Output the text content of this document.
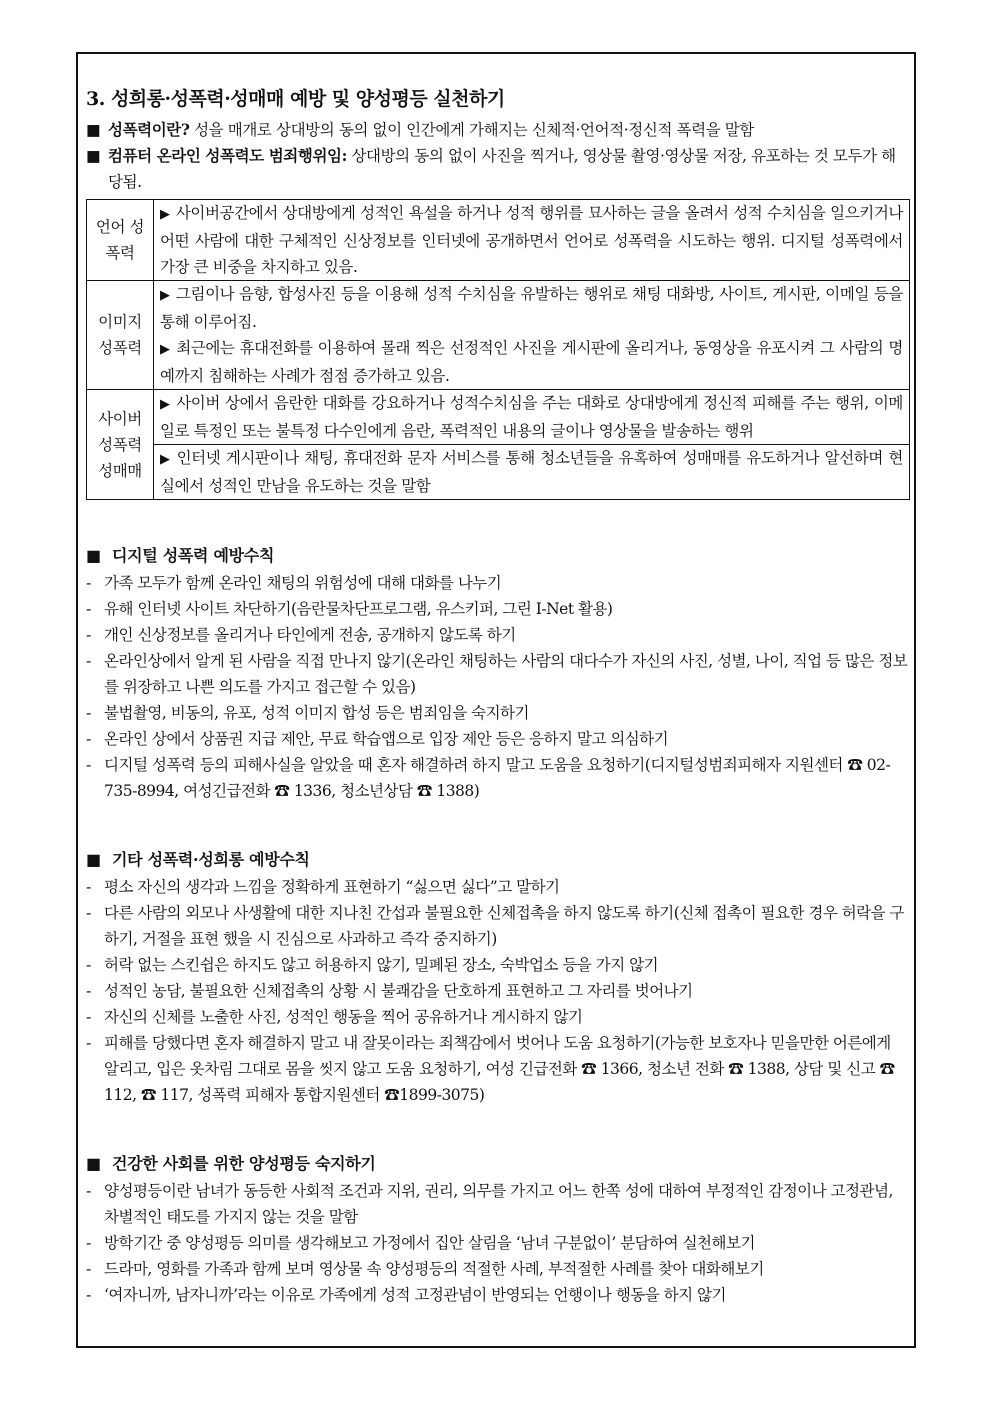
3. 성희롱·성폭력·성매매 예방 및 양성평등 실천하기
■ 성폭력이란? 성을 매개로 상대방의 동의 없이 인간에게 가해지는 신체적·언어적·정신적 폭력을 말함
■ 컴퓨터 온라인 성폭력도 범죄행위임: 상대방의 동의 없이 사진을 찍거나, 영상물 촬영·영상물 저장, 유포하는 것 모두가 해당됨.
언어 성폭력	▶ 사이버공간에서 상대방에게 성적인 욕설을 하거나 성적 행위를 묘사하는 글을 올려서 성적 수치심을 일으키거나 어떤 사람에 대한 구체적인 신상정보를 인터넷에 공개하면서 언어로 성폭력을 시도하는 행위. 디지털 성폭력에서 가장 큰 비중을 차지하고 있음.
이미지 성폭력	▶ 그림이나 음향, 합성사진 등을 이용해 성적 수치심을 유발하는 행위로 채팅 대화방, 사이트, 게시판, 이메일 등을 통해 이루어짐.
▶ 최근에는 휴대전화를 이용하여 몰래 찍은 선정적인 사진을 게시판에 올리거나, 동영상을 유포시켜 그 사람의 명예까지 침해하는 사례가 점점 증가하고 있음.

사이버 성폭력 성매매	▶ 사이버 상에서 음란한 대화를 강요하거나 성적수치심을 주는 대화로 상대방에게 정신적 피해를 주는 행위, 이메일로 특정인 또는 불특정 다수인에게 음란, 폭력적인 내용의 글이나 영상물을 발송하는 행위
	▶ 인터넷 게시판이나 채팅, 휴대전화 문자 서비스를 통해 청소년들을 유혹하여 성매매를 유도하거나 알선하며 현실에서 성적인 만남을 유도하는 것을 말함
■ 디지털 성폭력 예방수칙
- 가족 모두가 함께 온라인 채팅의 위험성에 대해 대화를 나누기
- 유해 인터넷 사이트 차단하기(음란물차단프로그램, 유스키퍼, 그린 I-Net 활용)
- 개인 신상정보를 올리거나 타인에게 전송, 공개하지 않도록 하기
- 온라인상에서 알게 된 사람을 직접 만나지 않기(온라인 채팅하는 사람의 대다수가 자신의 사진, 성별, 나이, 직업 등 많은 정보를 위장하고 나쁜 의도를 가지고 접근할 수 있음)
- 불법촬영, 비동의, 유포, 성적 이미지 합성 등은 범죄임을 숙지하기
- 온라인 상에서 상품권 지급 제안, 무료 학습앱으로 입장 제안 등은 응하지 말고 의심하기
- 디지털 성폭력 등의 피해사실을 알았을 때 혼자 해결하려 하지 말고 도움을 요청하기(디지털성범죄피해자 지원센터 ☎ 02-735-8994, 여성긴급전화 ☎ 1336, 청소년상담 ☎ 1388)
■ 기타 성폭력·성희롱 예방수칙
- 평소 자신의 생각과 느낌을 정확하게 표현하기 “싫으면 싫다”고 말하기
- 다른 사람의 외모나 사생활에 대한 지나친 간섭과 불필요한 신체접촉을 하지 않도록 하기(신체 접촉이 필요한 경우 허락을 구하기, 거절을 표현 했을 시 진심으로 사과하고 즉각 중지하기)
- 허락 없는 스킨쉽은 하지도 않고 허용하지 않기, 밀폐된 장소, 숙박업소 등을 가지 않기
- 성적인 농담, 불필요한 신체접촉의 상황 시 불쾌감을 단호하게 표현하고 그 자리를 벗어나기
- 자신의 신체를 노출한 사진, 성적인 행동을 찍어 공유하거나 게시하지 않기
- 피해를 당했다면 혼자 해결하지 말고 내 잘못이라는 죄책감에서 벗어나 도움 요청하기(가능한 보호자나 믿을만한 어른에게 알리고, 입은 옷차림 그대로 몸을 씻지 않고 도움 요청하기, 여성 긴급전화 ☎ 1366, 청소년 전화 ☎ 1388, 상담 및 신고 ☎ 112, ☎ 117, 성폭력 피해자 통합지원센터 ☎1899-3075)
■ 건강한 사회를 위한 양성평등 숙지하기
- 양성평등이란 남녀가 동등한 사회적 조건과 지위, 권리, 의무를 가지고 어느 한쪽 성에 대하여 부정적인 감정이나 고정관념, 차별적인 태도를 가지지 않는 것을 말함
- 방학기간 중 양성평등 의미를 생각해보고 가정에서 집안 살림을 ‘남녀 구분없이’ 분담하여 실천해보기
- 드라마, 영화를 가족과 함께 보며 영상물 속 양성평등의 적절한 사례, 부적절한 사례를 찾아 대화해보기
- ‘여자니까, 남자니까’라는 이유로 가족에게 성적 고정관념이 반영되는 언행이나 행동을 하지 않기
